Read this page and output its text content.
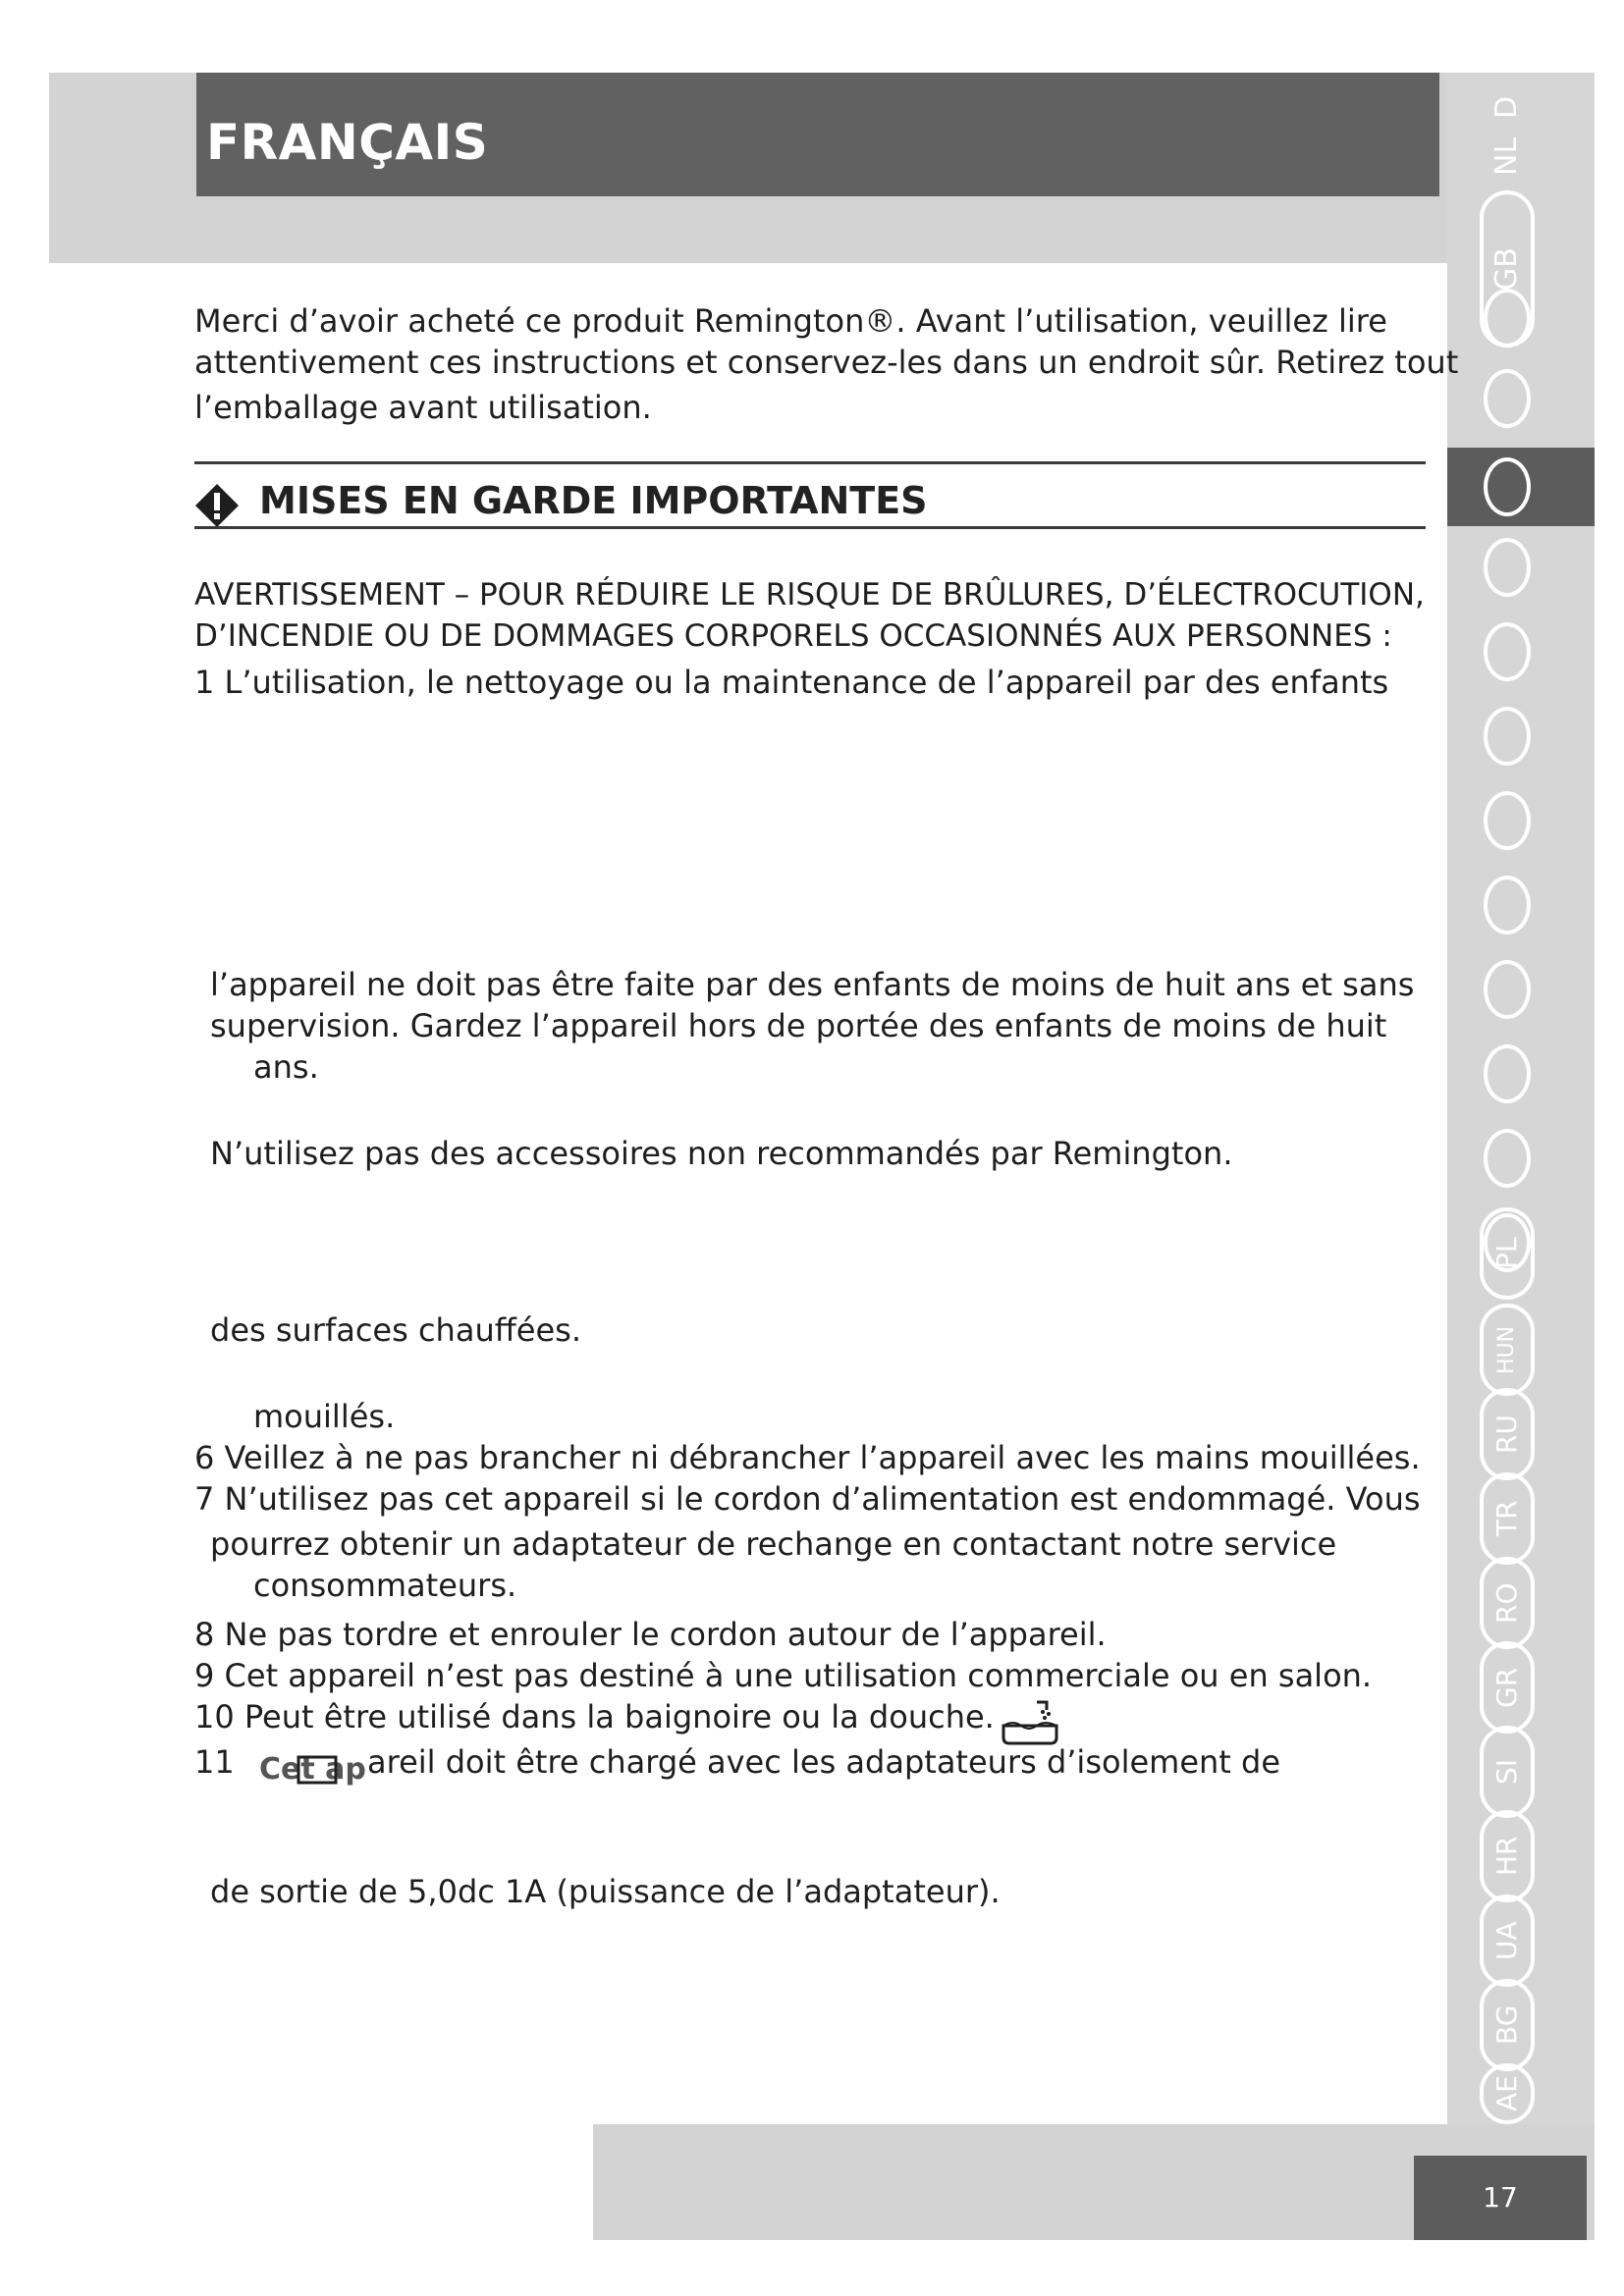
FRANÇAIS
GB
D
NL
PL
HUN
RU
TR
RO
GR
SI
HR
UA
BG
AE
Merci d’avoir acheté ce produit Remington®. Avant l’utilisation, veuillez lire
attentivement ces instructions et conservez-les dans un endroit sûr. Retirez tout
l’emballage avant utilisation.
MISES EN GARDE IMPORTANTES
AVERTISSEMENT – POUR RÉDUIRE LE RISQUE DE BRÛLURES, D’ÉLECTROCUTION,
D’INCENDIE OU DE DOMMAGES CORPORELS OCCASIONNÉS AUX PERSONNES :
1 L’utilisation, le nettoyage ou la maintenance de l’appareil par des enfants
l’appareil ne doit pas être faite par des enfants de moins de huit ans et sans
supervision. Gardez l’appareil hors de portée des enfants de moins de huit
ans.
N’utilisez pas des accessoires non recommandés par Remington.
des surfaces chauffées.
mouillés.
6 Veillez à ne pas brancher ni débrancher l’appareil avec les mains mouillées.
7 N’utilisez pas cet appareil si le cordon d’alimentation est endommagé. Vous
pourrez obtenir un adaptateur de rechange en contactant notre service
consommateurs.
8 Ne pas tordre et enrouler le cordon autour de l’appareil.
9 Cet appareil n’est pas destiné à une utilisation commerciale ou en salon.
10 Peut être utilisé dans la baignoire ou la douche.
11 Cet ap areil doit être chargé avec les adaptateurs d’isolement de
de sortie de 5,0dc 1A (puissance de l’adaptateur).
17
